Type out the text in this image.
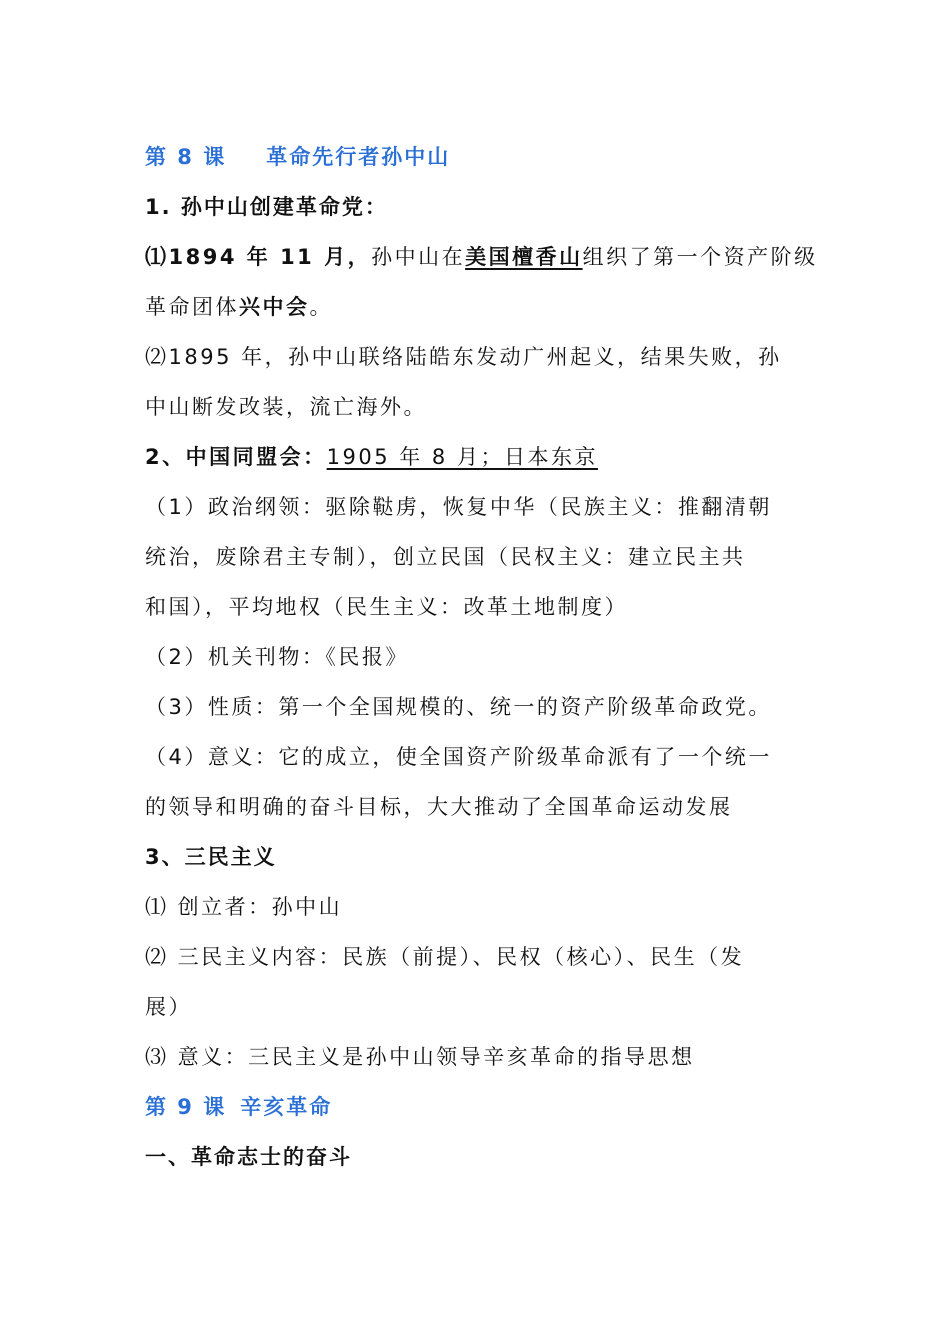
第 8 课 革命先行者孙中山
1. 孙中山创建革命党：
⑴1894 年 11 月，孙中山在美国檀香山组织了第一个资产阶级
革命团体兴中会。
⑵1895 年，孙中山联络陆皓东发动广州起义，结果失败，孙
中山断发改装，流亡海外。
2、中国同盟会：1905 年 8 月；日本东京
（1）政治纲领：驱除鞑虏，恢复中华（民族主义：推翻清朝
统治，废除君主专制），创立民国（民权主义：建立民主共
和国），平均地权（民生主义：改革土地制度）
（2）机关刊物：《民报》
（3）性质：第一个全国规模的、统一的资产阶级革命政党。
（4）意义：它的成立，使全国资产阶级革命派有了一个统一
的领导和明确的奋斗目标，大大推动了全国革命运动发展
3、三民主义
⑴ 创立者：孙中山
⑵ 三民主义内容：民族（前提）、民权（核心）、民生（发
展）
⑶ 意义：三民主义是孙中山领导辛亥革命的指导思想
第 9 课 辛亥革命
一、革命志士的奋斗
